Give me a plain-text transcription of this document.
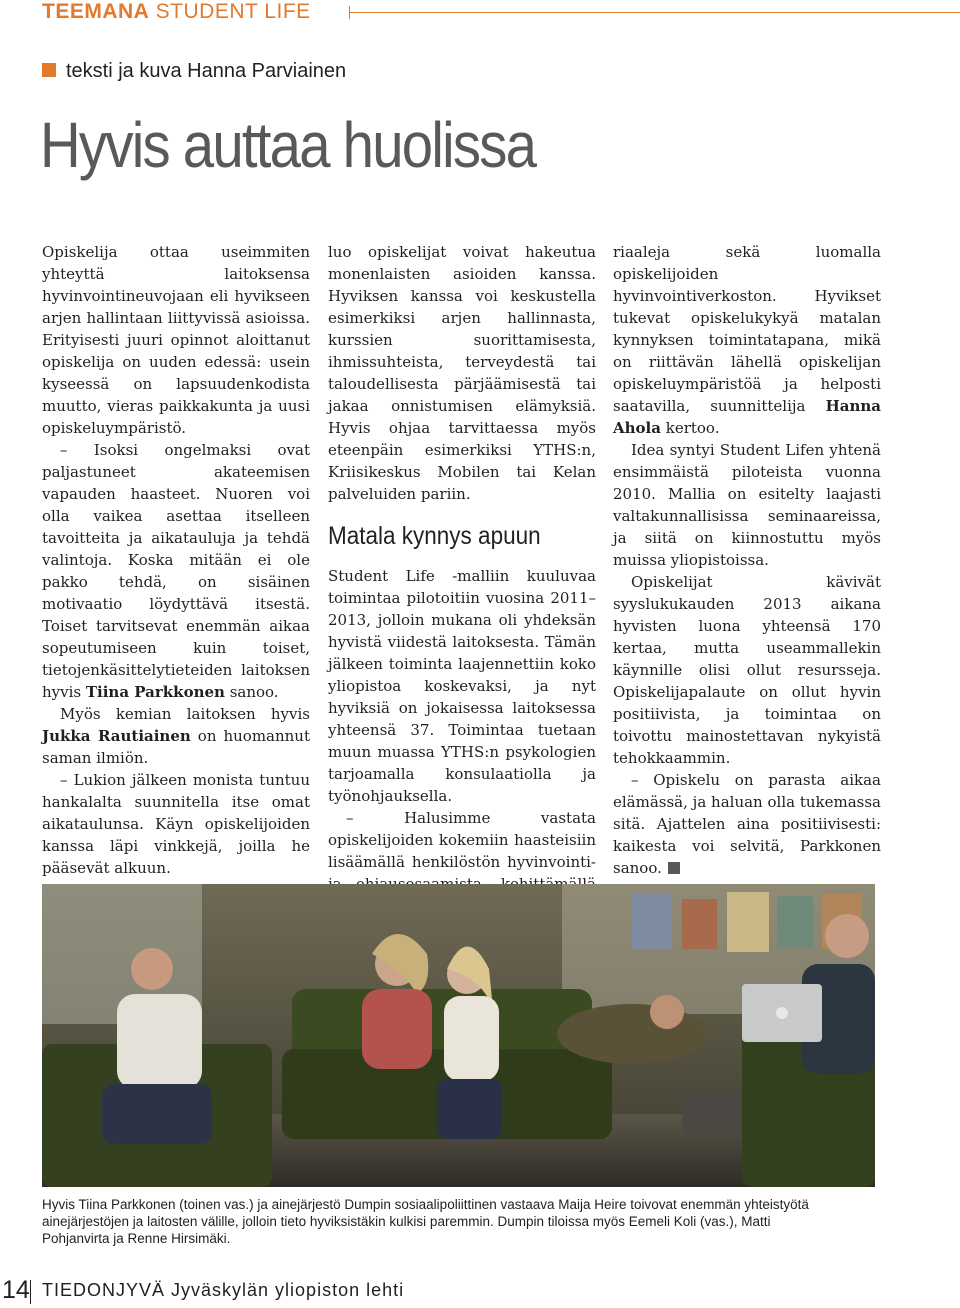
TEEMANA STUDENT LIFE
teksti ja kuva Hanna Parviainen
Hyvis auttaa huolissa

Opiskelija ottaa useimmiten yhteyttä laitoksensa hyvinvointineuvojaan eli hyvikseen arjen hallintaan liittyvissä asioissa. Erityisesti juuri opinnot aloittanut opiskelija on uuden edessä: usein kyseessä on lapsuudenkodista muutto, vieras paikkakunta ja uusi opiskeluympäristö.

– Isoksi ongelmaksi ovat paljastuneet akateemisen vapauden haasteet. Nuoren voi olla vaikea asettaa itselleen tavoitteita ja aikatauluja ja tehdä valintoja. Koska mitään ei ole pakko tehdä, on sisäinen motivaatio löydyttävä itsestä. Toiset tarvitsevat enemmän aikaa sopeutumiseen kuin toiset, tietojenkäsittelytieteiden laitoksen hyvis Tiina Parkkonen sanoo.

Myös kemian laitoksen hyvis Jukka Rautiainen on huomannut saman ilmiön.

– Lukion jälkeen monista tuntuu hankalalta suunnitella itse omat aikataulunsa. Käyn opiskelijoiden kanssa läpi vinkkejä, joilla he pääsevät alkuun.

luo opiskelijat voivat hakeutua monenlaisten asioiden kanssa. Hyviksen kanssa voi keskustella esimerkiksi arjen hallinnasta, kurssien suorittamisesta, ihmissuhteista, terveydestä tai taloudellisesta pärjäämisestä tai jakaa onnistumisen elämyksiä. Hyvis ohjaa tarvittaessa myös eteenpäin esimerkiksi YTHS:n, Kriisikeskus Mobilen tai Kelan palveluiden pariin.

Matala kynnys apuun

Student Life -malliin kuuluvaa toimintaa pilotoitiin vuosina 2011–2013, jolloin mukana oli yhdeksän hyvistä viidestä laitoksesta. Tämän jälkeen toiminta laajennettiin koko yliopistoa koskevaksi, ja nyt hyviksiä on jokaisessa laitoksessa yhteensä 37. Toimintaa tuetaan muun muassa YTHS:n psykologien tarjoamalla konsulaatiolla ja työnohjauksella.

– Halusimme vastata opiskelijoiden kokemiin haasteisiin lisäämällä henkilöstön hyvinvointi-

riaaleja sekä luomalla opiskelijoiden hyvinvointiverkoston. Hyvikset tukevat opiskelukykyä matalan kynnyksen toimintatapana, mikä on riittävän lähellä opiskelijan opiskeluympäristöä ja helposti saatavilla, suunnittelija Hanna Ahola kertoo.

Idea syntyi Student Lifen yhtenä ensimmäistä piloteista vuonna 2010. Mallia on esitelty laajasti valtakunnallisissa seminaareissa, ja siitä on kiinnostuttu myös muissa yliopistoissa.

Opiskelijat kävivät syyslukukauden 2013 aikana hyvisten luona yhteensä 170 kertaa, mutta useammallekin käynnille olisi ollut resursseja. Opiskelijapalaute on ollut hyvin positiivista, ja toimintaa on toivottu mainostettavan nykyistä tehokkaammin.

– Opiskelu on parasta aikaa elämässä, ja haluan olla tukemassa sitä. Ajattelen aina positiivisesti: kaikesta voi selvitä, Parkkonen sanoo.

Hyvis Tiina Parkkonen (toinen vas.) ja ainejärjestö Dumpin sosiaalipoliittinen vastaava Maija Heire toivovat enemmän yhteistyötä ainejärjestöjen ja laitosten välille, jolloin tieto hyviksistäkin kulkisi paremmin. Dumpin tiloissa myös Eemeli Koli (vas.), Matti Pohjanvirta ja Renne Hirsimäki.
14 TIEDONJYVÄ Jyväskylän yliopiston lehti
